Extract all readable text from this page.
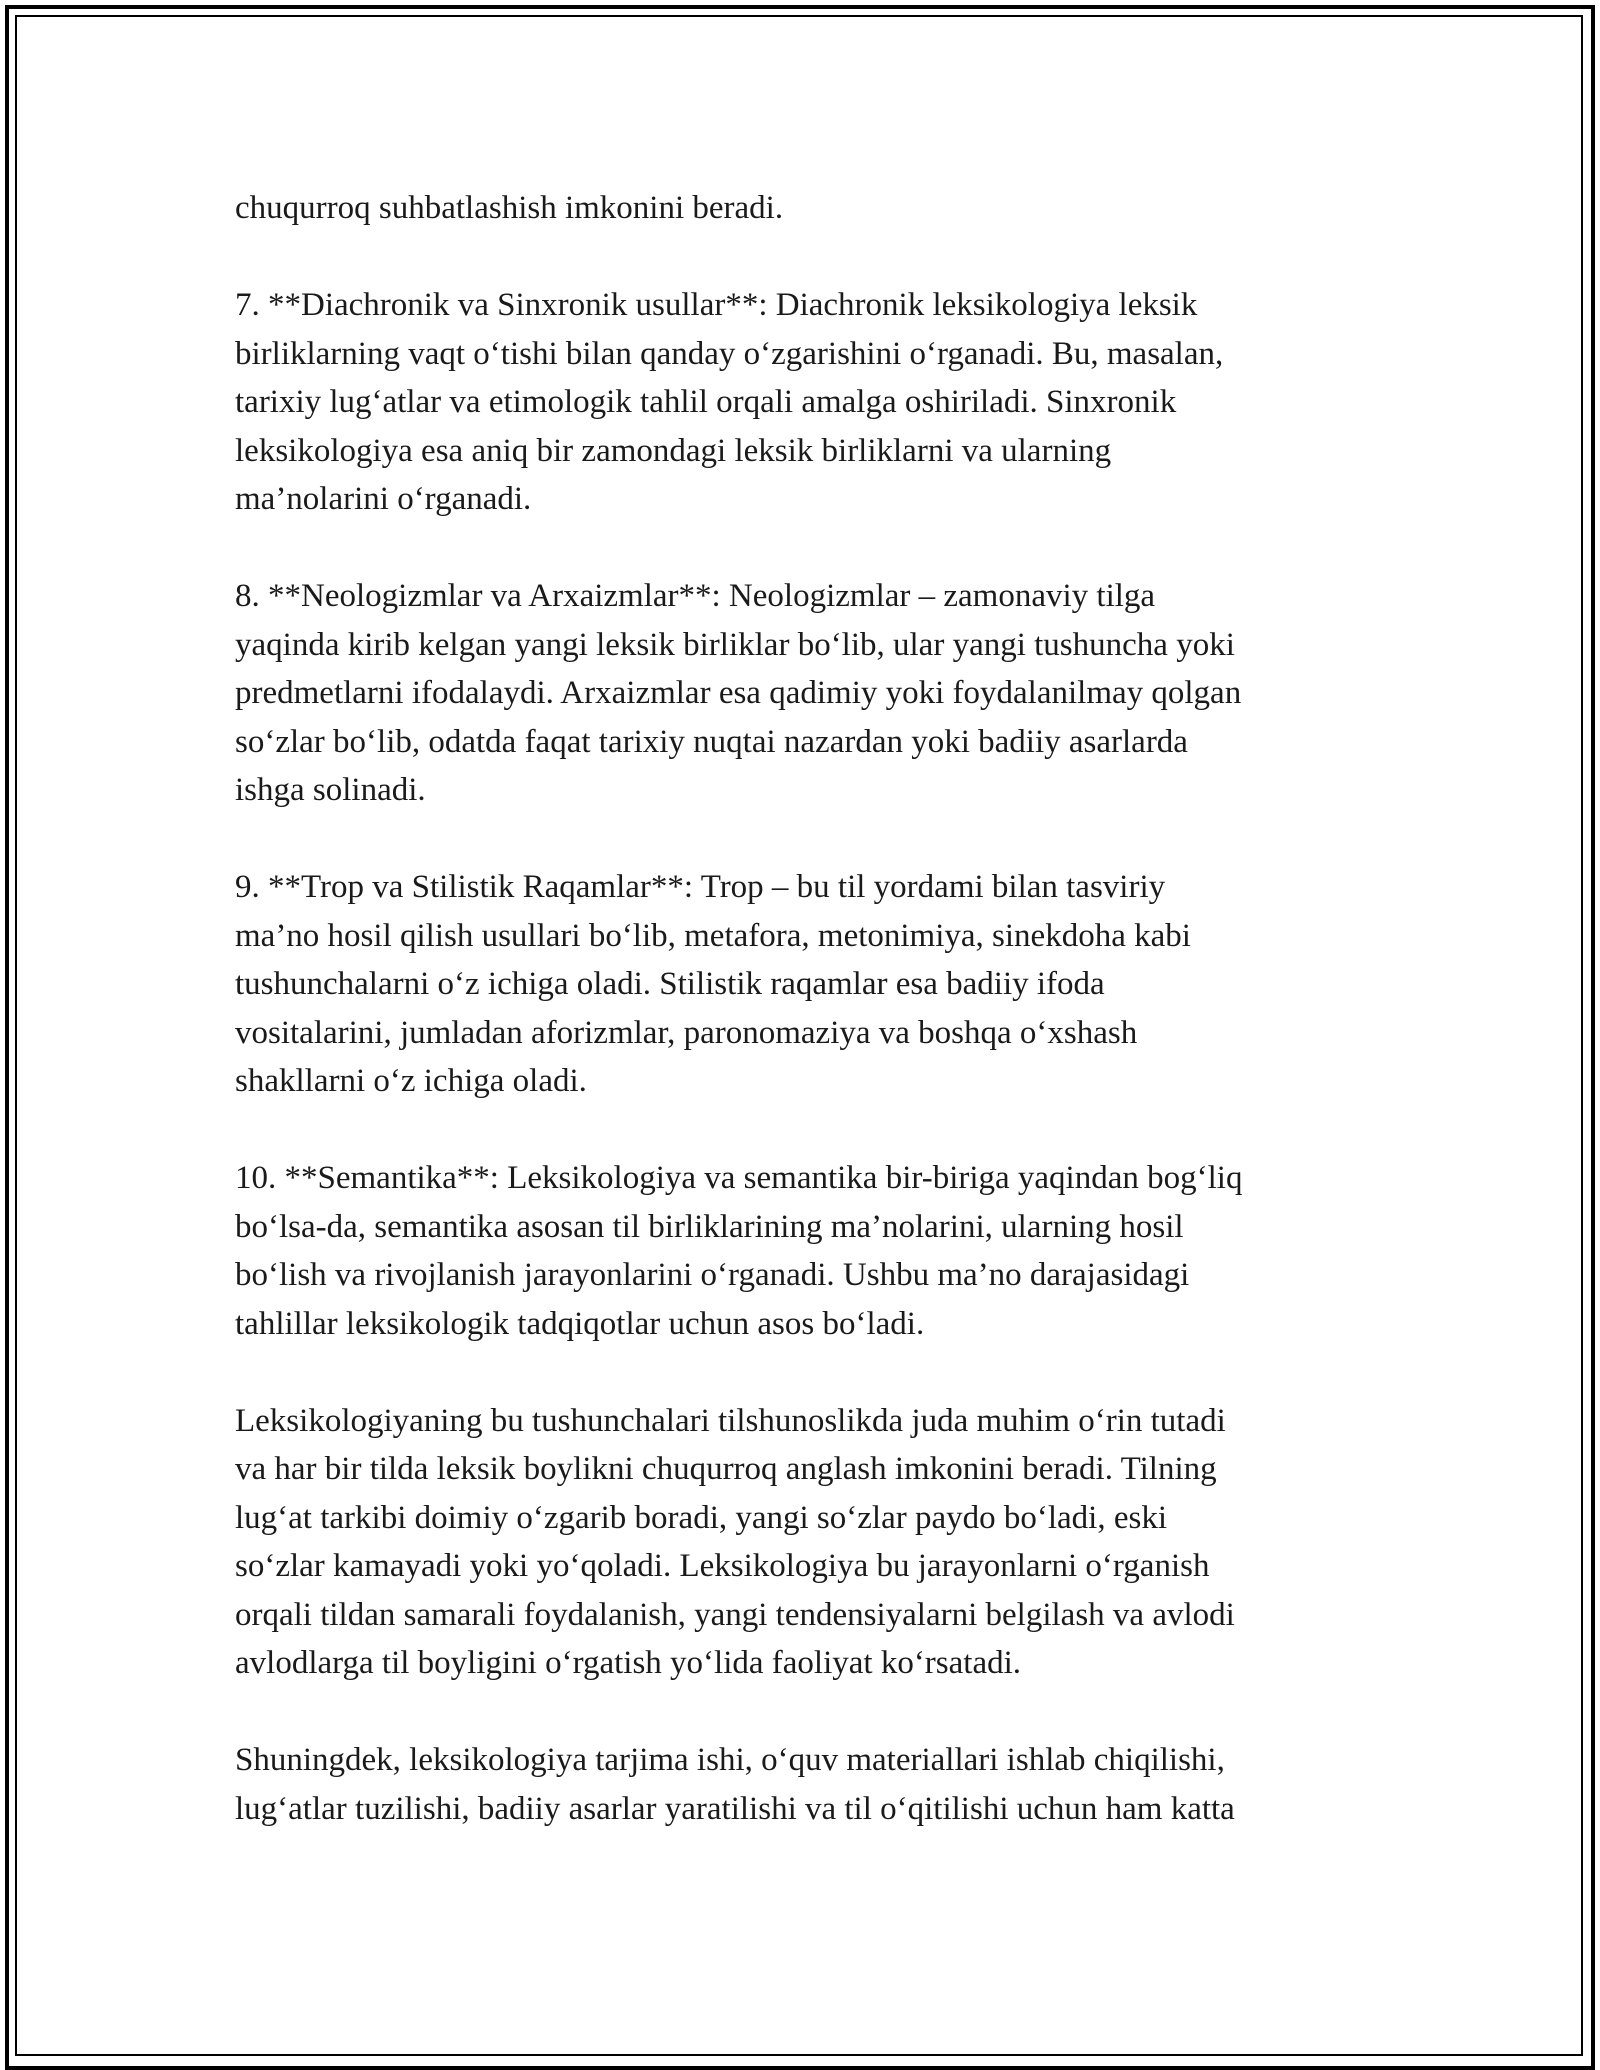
chuqurroq suhbatlashish imkonini beradi.
7. **Diachronik va Sinxronik usullar**: Diachronik leksikologiya leksik
birliklarning vaqt o‘tishi bilan qanday o‘zgarishini o‘rganadi. Bu, masalan,
tarixiy lug‘atlar va etimologik tahlil orqali amalga oshiriladi. Sinxronik
leksikologiya esa aniq bir zamondagi leksik birliklarni va ularning
ma’nolarini o‘rganadi.
8. **Neologizmlar va Arxaizmlar**: Neologizmlar – zamonaviy tilga
yaqinda kirib kelgan yangi leksik birliklar bo‘lib, ular yangi tushuncha yoki
predmetlarni ifodalaydi. Arxaizmlar esa qadimiy yoki foydalanilmay qolgan
so‘zlar bo‘lib, odatda faqat tarixiy nuqtai nazardan yoki badiiy asarlarda
ishga solinadi.
9. **Trop va Stilistik Raqamlar**: Trop – bu til yordami bilan tasviriy
ma’no hosil qilish usullari bo‘lib, metafora, metonimiya, sinekdoha kabi
tushunchalarni o‘z ichiga oladi. Stilistik raqamlar esa badiiy ifoda
vositalarini, jumladan aforizmlar, paronomaziya va boshqa o‘xshash
shakllarni o‘z ichiga oladi.
10. **Semantika**: Leksikologiya va semantika bir-biriga yaqindan bog‘liq
bo‘lsa-da, semantika asosan til birliklarining ma’nolarini, ularning hosil
bo‘lish va rivojlanish jarayonlarini o‘rganadi. Ushbu ma’no darajasidagi
tahlillar leksikologik tadqiqotlar uchun asos bo‘ladi.
Leksikologiyaning bu tushunchalari tilshunoslikda juda muhim o‘rin tutadi
va har bir tilda leksik boylikni chuqurroq anglash imkonini beradi. Tilning
lug‘at tarkibi doimiy o‘zgarib boradi, yangi so‘zlar paydo bo‘ladi, eski
so‘zlar kamayadi yoki yo‘qoladi. Leksikologiya bu jarayonlarni o‘rganish
orqali tildan samarali foydalanish, yangi tendensiyalarni belgilash va avlodi
avlodlarga til boyligini o‘rgatish yo‘lida faoliyat ko‘rsatadi.
Shuningdek, leksikologiya tarjima ishi, o‘quv materiallari ishlab chiqilishi,
lug‘atlar tuzilishi, badiiy asarlar yaratilishi va til o‘qitilishi uchun ham katta
